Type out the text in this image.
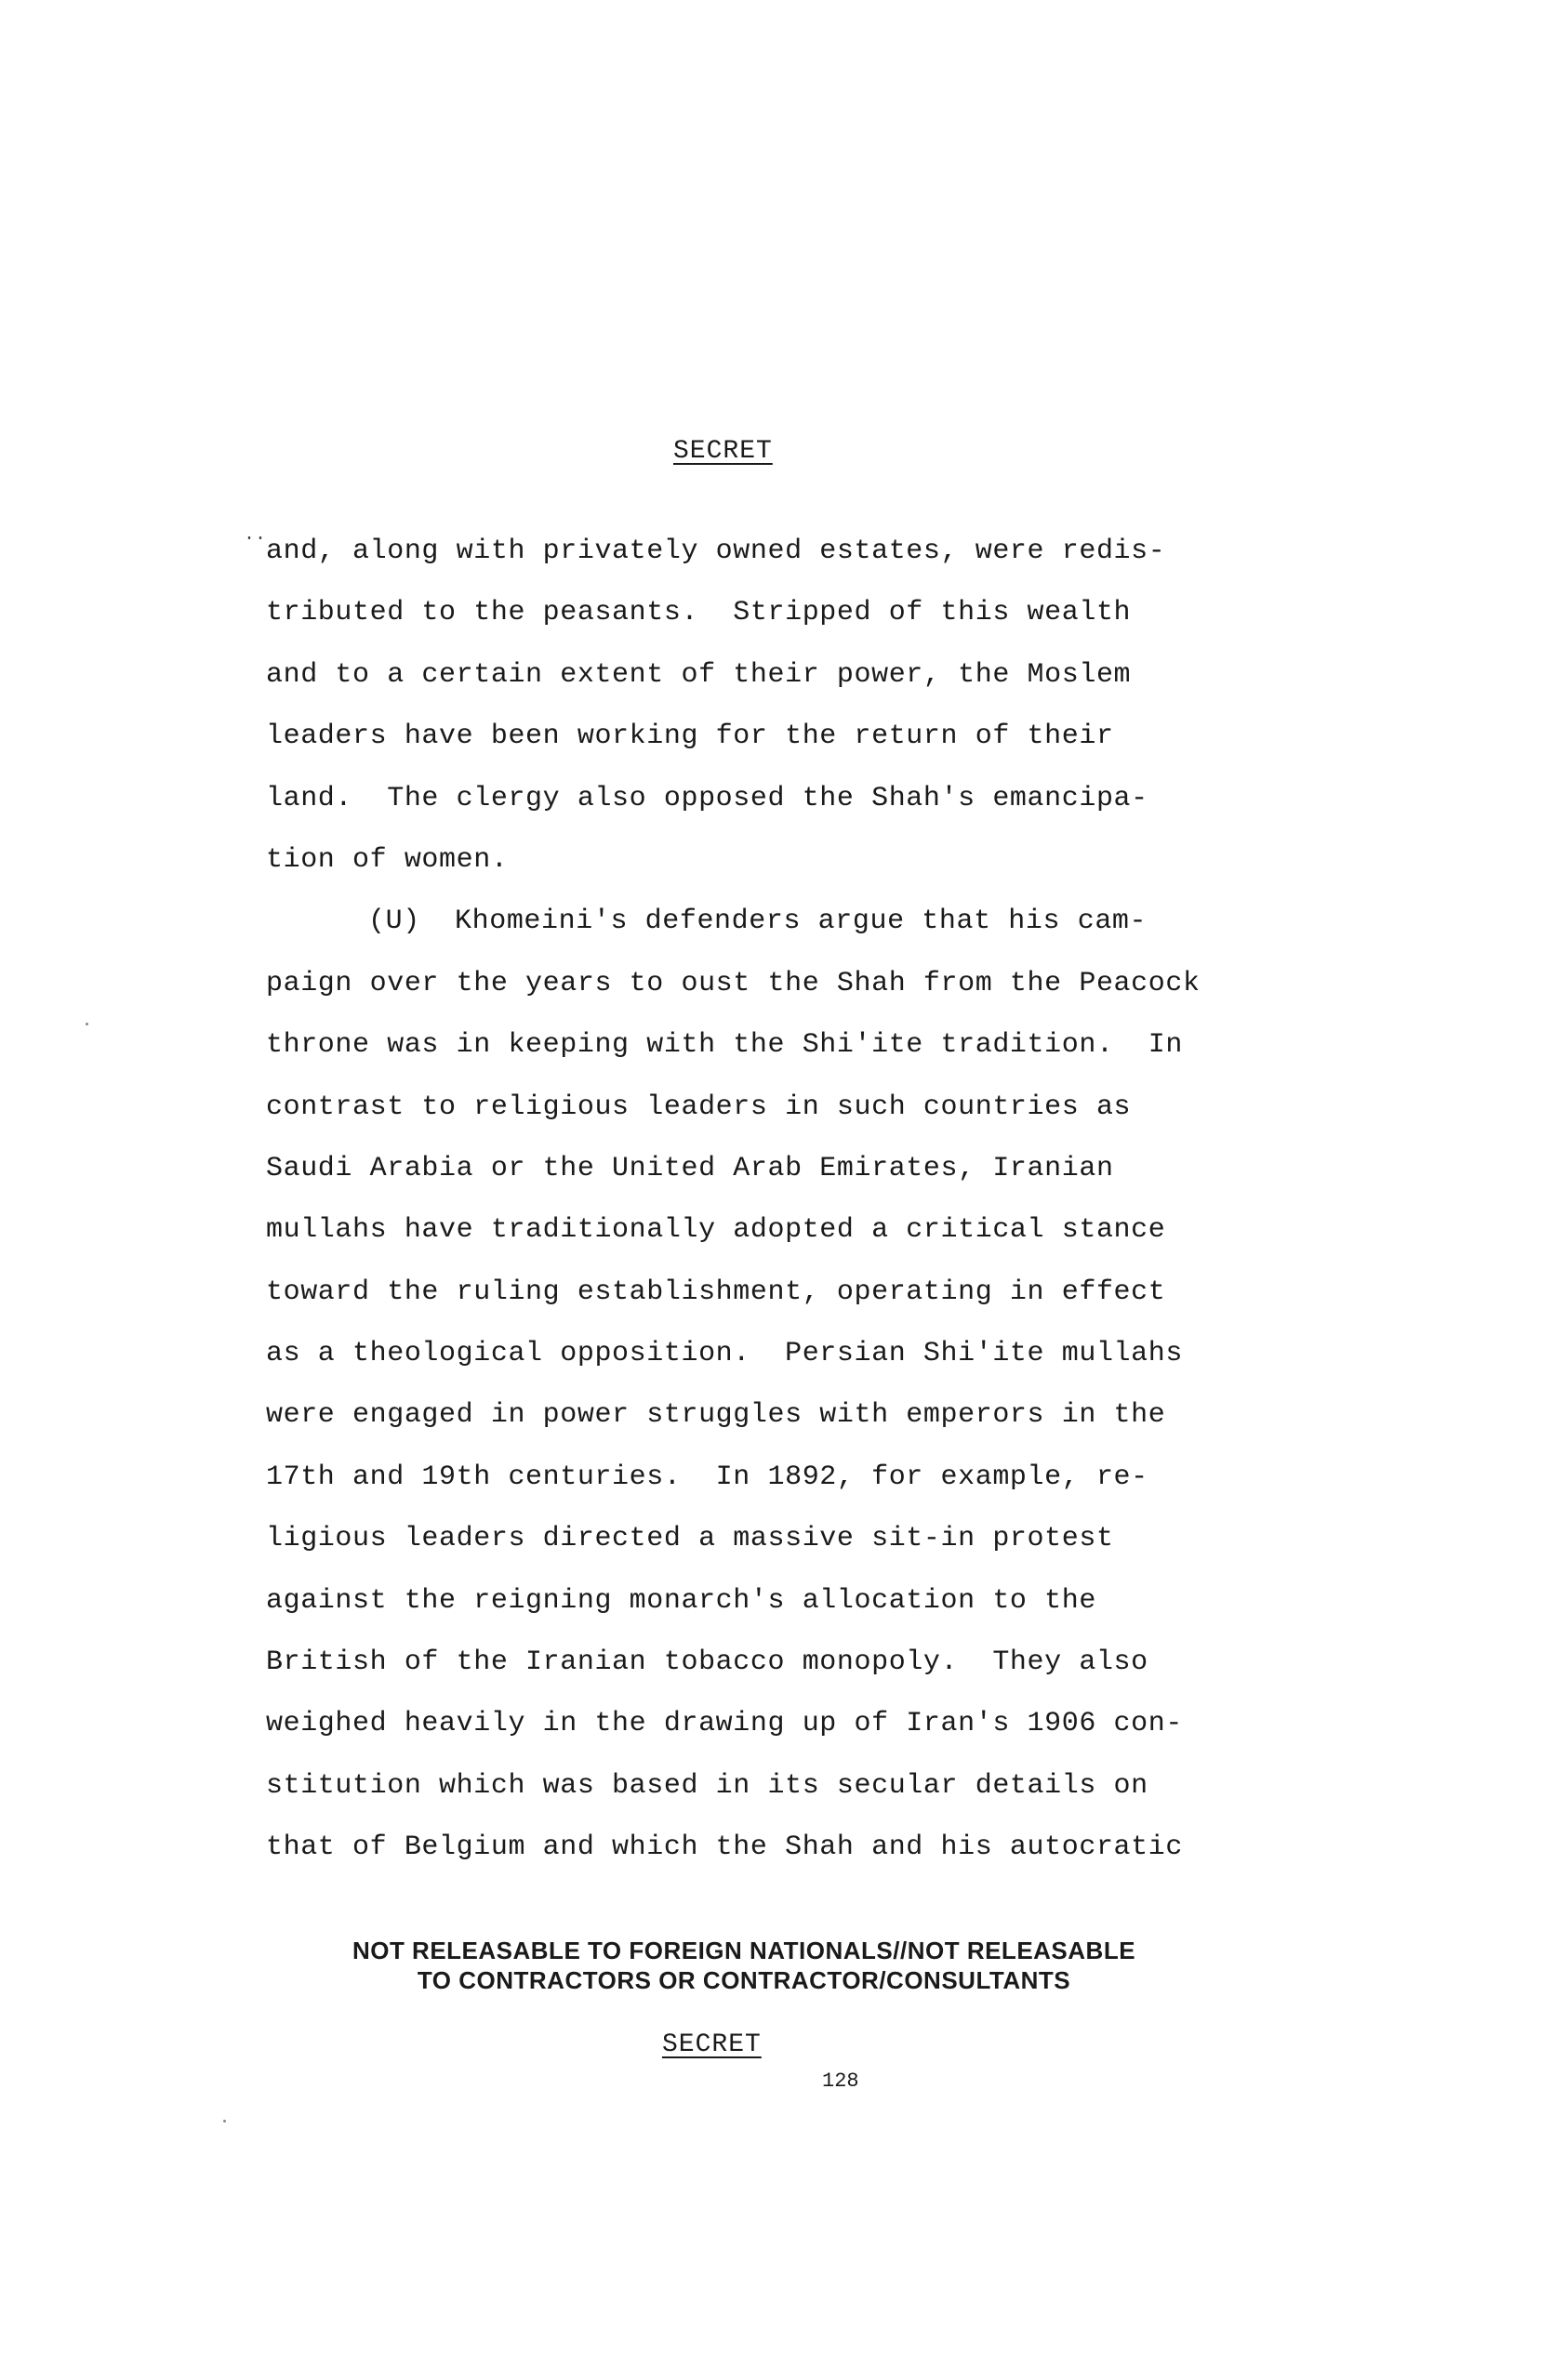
SECRET
·· and, along with privately owned estates, were redis-
tributed to the peasants.  Stripped of this wealth
and to a certain extent of their power, the Moslem
leaders have been working for the return of their
land.  The clergy also opposed the Shah's emancipa-
tion of women.
(U)  Khomeini's defenders argue that his cam-
paign over the years to oust the Shah from the Peacock
throne was in keeping with the Shi'ite tradition.  In
contrast to religious leaders in such countries as
Saudi Arabia or the United Arab Emirates, Iranian
mullahs have traditionally adopted a critical stance
toward the ruling establishment, operating in effect
as a theological opposition.  Persian Shi'ite mullahs
were engaged in power struggles with emperors in the
17th and 19th centuries.  In 1892, for example, re-
ligious leaders directed a massive sit-in protest
against the reigning monarch's allocation to the
British of the Iranian tobacco monopoly.  They also
weighed heavily in the drawing up of Iran's 1906 con-
stitution which was based in its secular details on
that of Belgium and which the Shah and his autocratic
NOT RELEASABLE TO FOREIGN NATIONALS//NOT RELEASABLE
TO CONTRACTORS OR CONTRACTOR/CONSULTANTS
SECRET
128
